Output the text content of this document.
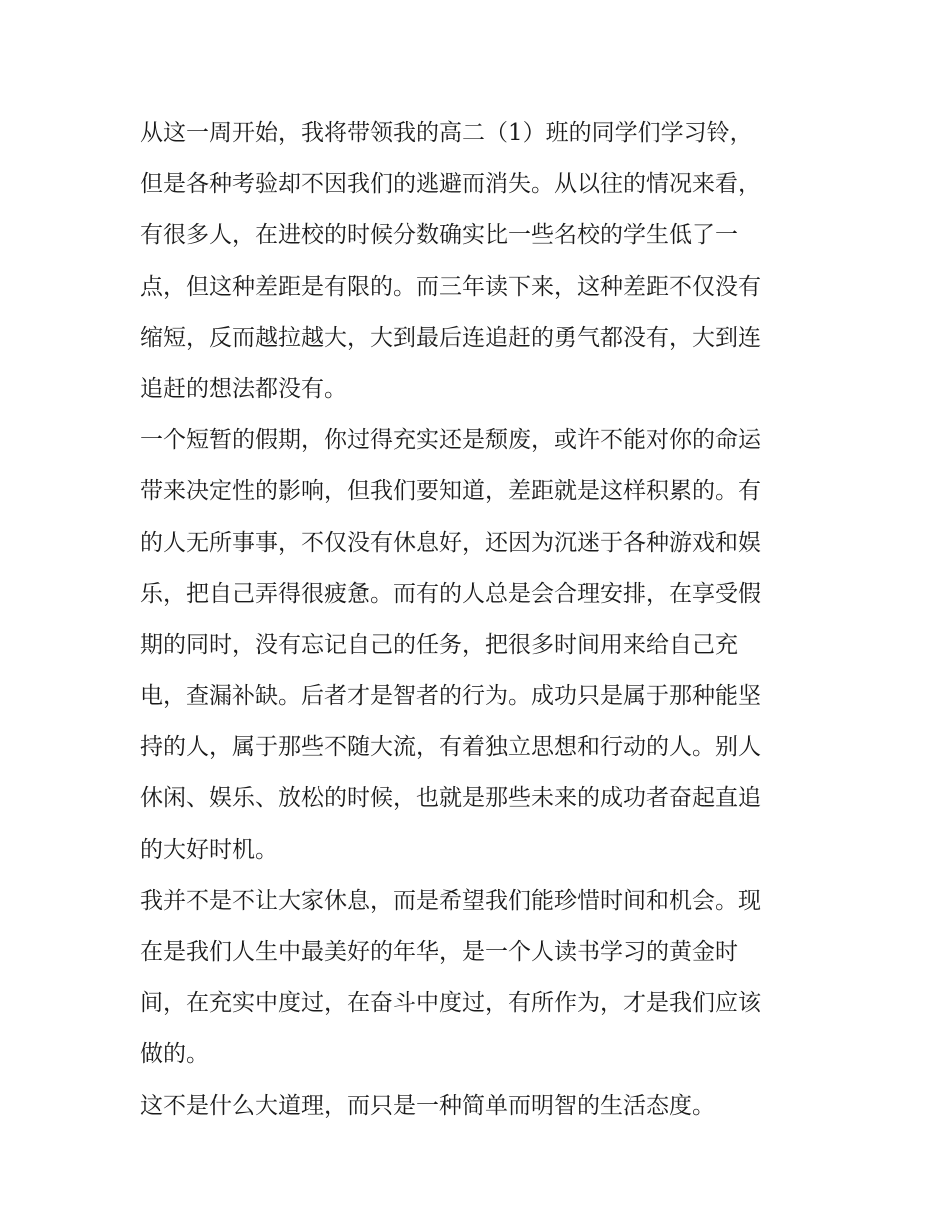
从这一周开始，我将带领我的高二（1）班的同学们学习铃，
但是各种考验却不因我们的逃避而消失。从以往的情况来看，
有很多人，在进校的时候分数确实比一些名校的学生低了一
点，但这种差距是有限的。而三年读下来，这种差距不仅没有
缩短，反而越拉越大，大到最后连追赶的勇气都没有，大到连
追赶的想法都没有。
一个短暂的假期，你过得充实还是颓废，或许不能对你的命运
带来决定性的影响，但我们要知道，差距就是这样积累的。有
的人无所事事，不仅没有休息好，还因为沉迷于各种游戏和娱
乐，把自己弄得很疲惫。而有的人总是会合理安排，在享受假
期的同时，没有忘记自己的任务，把很多时间用来给自己充
电，查漏补缺。后者才是智者的行为。成功只是属于那种能坚
持的人，属于那些不随大流，有着独立思想和行动的人。别人
休闲、娱乐、放松的时候，也就是那些未来的成功者奋起直追
的大好时机。
我并不是不让大家休息，而是希望我们能珍惜时间和机会。现
在是我们人生中最美好的年华，是一个人读书学习的黄金时
间，在充实中度过，在奋斗中度过，有所作为，才是我们应该
做的。
这不是什么大道理，而只是一种简单而明智的生活态度。
